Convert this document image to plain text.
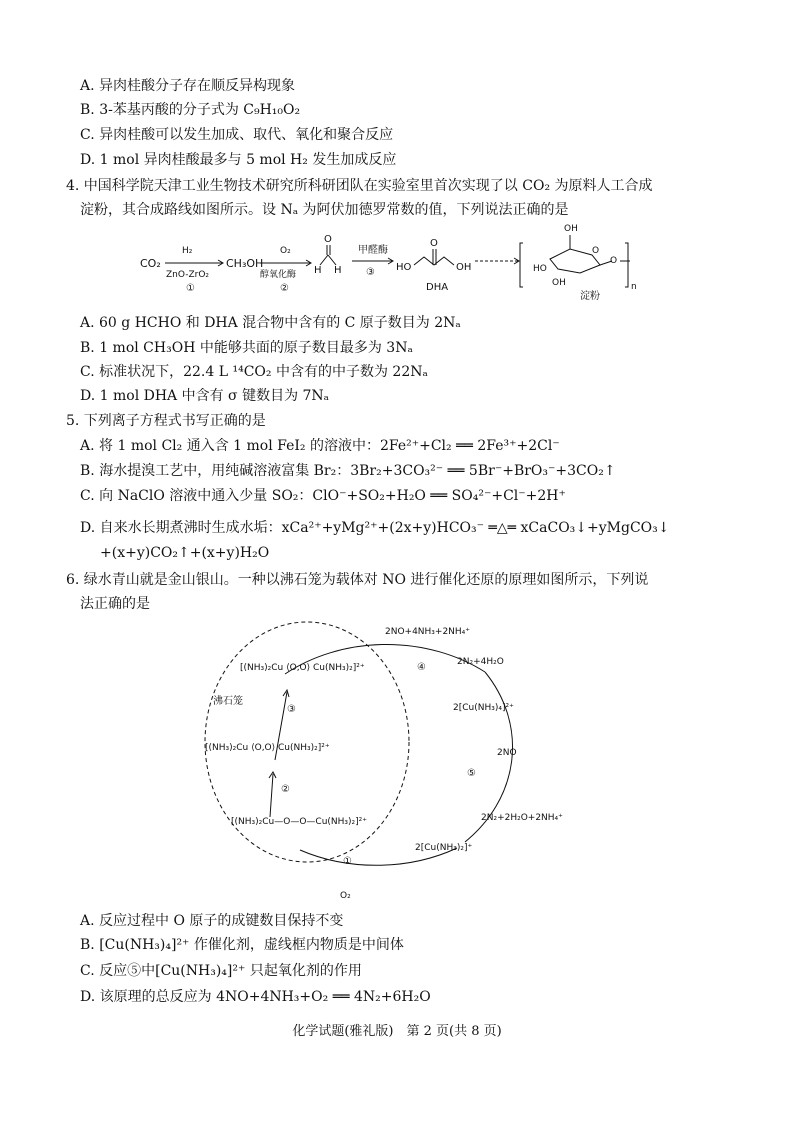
A. 异肉桂酸分子存在顺反异构现象
B. 3-苯基丙酸的分子式为 C₉H₁₀O₂
C. 异肉桂酸可以发生加成、取代、氧化和聚合反应
D. 1 mol 异肉桂酸最多与 5 mol H₂ 发生加成反应
4. 中国科学院天津工业生物技术研究所科研团队在实验室里首次实现了以 CO₂ 为原料人工合成
淀粉，其合成路线如图所示。设 Nₐ 为阿伏加德罗常数的值，下列说法正确的是
CO₂
H₂
ZnO-ZrO₂
①
CH₃OH
O₂
醇氧化酶
②
O
H H
甲醛酶
③ HO
O
OH
DHA
OH
HO
OH
O
O
n
淀粉
A. 60 g HCHO 和 DHA 混合物中含有的 C 原子数目为 2Nₐ
B. 1 mol CH₃OH 中能够共面的原子数目最多为 3Nₐ
C. 标准状况下，22.4 L ¹⁴CO₂ 中含有的中子数为 22Nₐ
D. 1 mol DHA 中含有 σ 键数目为 7Nₐ
5. 下列离子方程式书写正确的是
A. 将 1 mol Cl₂ 通入含 1 mol FeI₂ 的溶液中：2Fe²⁺+Cl₂ ══ 2Fe³⁺+2Cl⁻
B. 海水提溴工艺中，用纯碱溶液富集 Br₂：3Br₂+3CO₃²⁻ ══ 5Br⁻+BrO₃⁻+3CO₂↑
C. 向 NaClO 溶液中通入少量 SO₂：ClO⁻+SO₂+H₂O ══ SO₄²⁻+Cl⁻+2H⁺
D. 自来水长期煮沸时生成水垢：xCa²⁺+yMg²⁺+(2x+y)HCO₃⁻ ═△═ xCaCO₃↓+yMgCO₃↓
+(x+y)CO₂↑+(x+y)H₂O
6. 绿水青山就是金山银山。一种以沸石笼为载体对 NO 进行催化还原的原理如图所示，下列说
法正确的是
2NO+4NH₃+2NH₄⁺
④	2N₂+4H₂O
2[Cu(NH₃)₄]²⁺
2NO
⑤
2N₂+2H₂O+2NH₄⁺
2[Cu(NH₃)₂]⁺
①
O₂
沸石笼
[(NH₃)₂Cu ⟨O,O⟩ Cu(NH₃)₂]²⁺
③
[(NH₃)₂Cu ⟨O,O⟩ Cu(NH₃)₂]²⁺
②
[(NH₃)₂Cu—O—O—Cu(NH₃)₂]²⁺
A. 反应过程中 O 原子的成键数目保持不变
B. [Cu(NH₃)₄]²⁺ 作催化剂，虚线框内物质是中间体
C. 反应⑤中[Cu(NH₃)₄]²⁺ 只起氧化剂的作用
D. 该原理的总反应为 4NO+4NH₃+O₂ ══ 4N₂+6H₂O
化学试题(雅礼版)　第 2 页(共 8 页)
